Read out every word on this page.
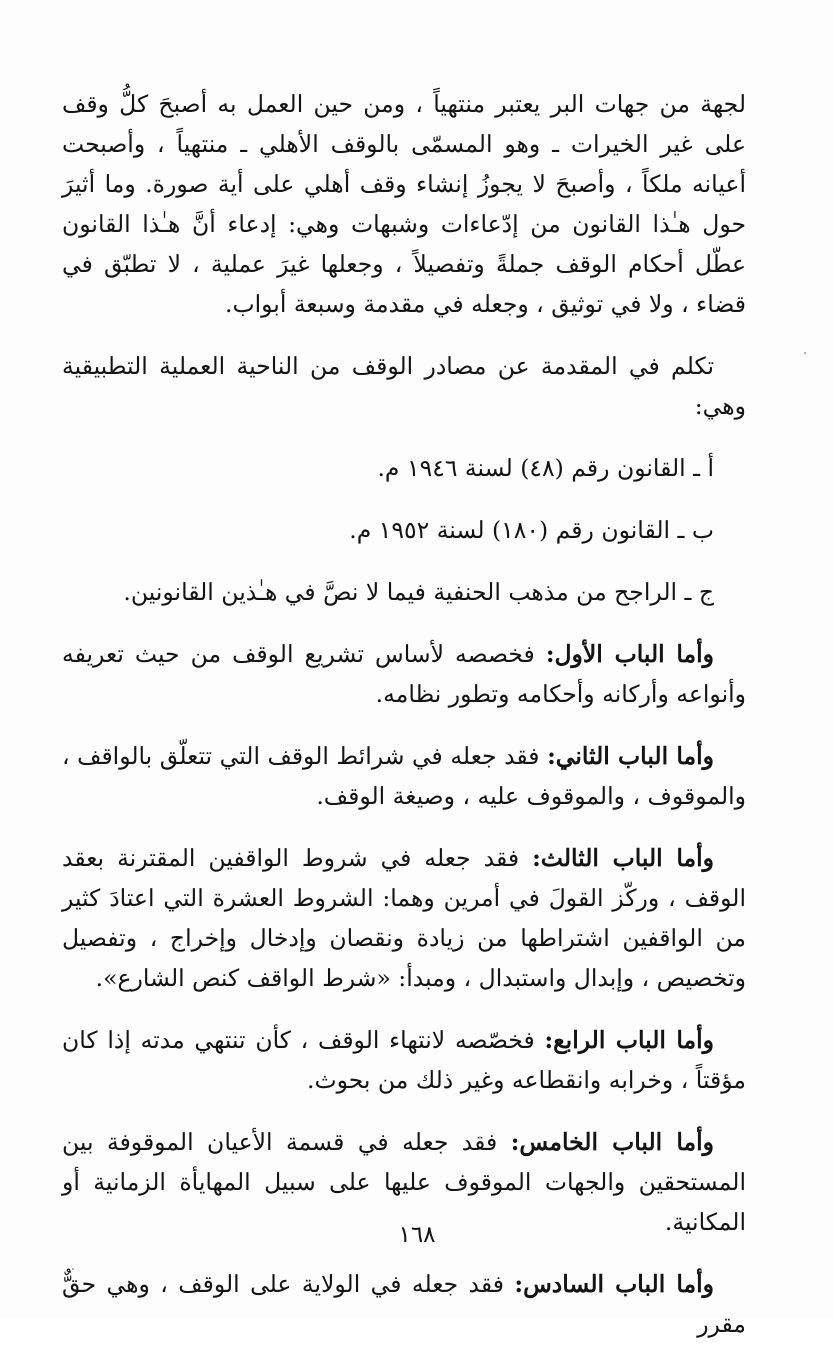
لجهة من جهات البر يعتبر منتهياً ، ومن حين العمل به أصبحَ كلُّ وقف على غير الخيرات ـ وهو المسمّى بالوقف الأهلي ـ منتهياً ، وأصبحت أعيانه ملكاً ، وأصبحَ لا يجوزُ إنشاء وقف أهلي على أية صورة. وما أثيرَ حول هـٰذا القانون من إدّعاءات وشبهات وهي: إدعاء أنَّ هـٰذا القانون عطّل أحكام الوقف جملةً وتفصيلاً ، وجعلها غيرَ عملية ، لا تطبّق في قضاء ، ولا في توثيق ، وجعله في مقدمة وسبعة أبواب.

تكلم في المقدمة عن مصادر الوقف من الناحية العملية التطبيقية وهي:

أ ـ القانون رقم (٤٨) لسنة ١٩٤٦ م.

ب ـ القانون رقم (١٨٠) لسنة ١٩٥٢ م.

ج ـ الراجح من مذهب الحنفية فيما لا نصَّ في هـٰذين القانونين.

وأما الباب الأول: فخصصه لأساس تشريع الوقف من حيث تعريفه وأنواعه وأركانه وأحكامه وتطور نظامه.

وأما الباب الثاني: فقد جعله في شرائط الوقف التي تتعلّق بالواقف ، والموقوف ، والموقوف عليه ، وصيغة الوقف.

وأما الباب الثالث: فقد جعله في شروط الواقفين المقترنة بعقد الوقف ، وركّز القولَ في أمرين وهما: الشروط العشرة التي اعتادَ كثير من الواقفين اشتراطها من زيادة ونقصان وإدخال وإخراج ، وتفصيل وتخصيص ، وإبدال واستبدال ، ومبدأ: «شرط الواقف كنص الشارع».

وأما الباب الرابع: فخصّصه لانتهاء الوقف ، كأن تنتهي مدته إذا كان مؤقتاً ، وخرابه وانقطاعه وغير ذلك من بحوث.

وأما الباب الخامس: فقد جعله في قسمة الأعيان الموقوفة بين المستحقين والجهات الموقوف عليها على سبيل المهايأة الزمانية أو المكانية.

وأما الباب السادس: فقد جعله في الولاية على الوقف ، وهي حقٌّ مقرر

١٦٨
